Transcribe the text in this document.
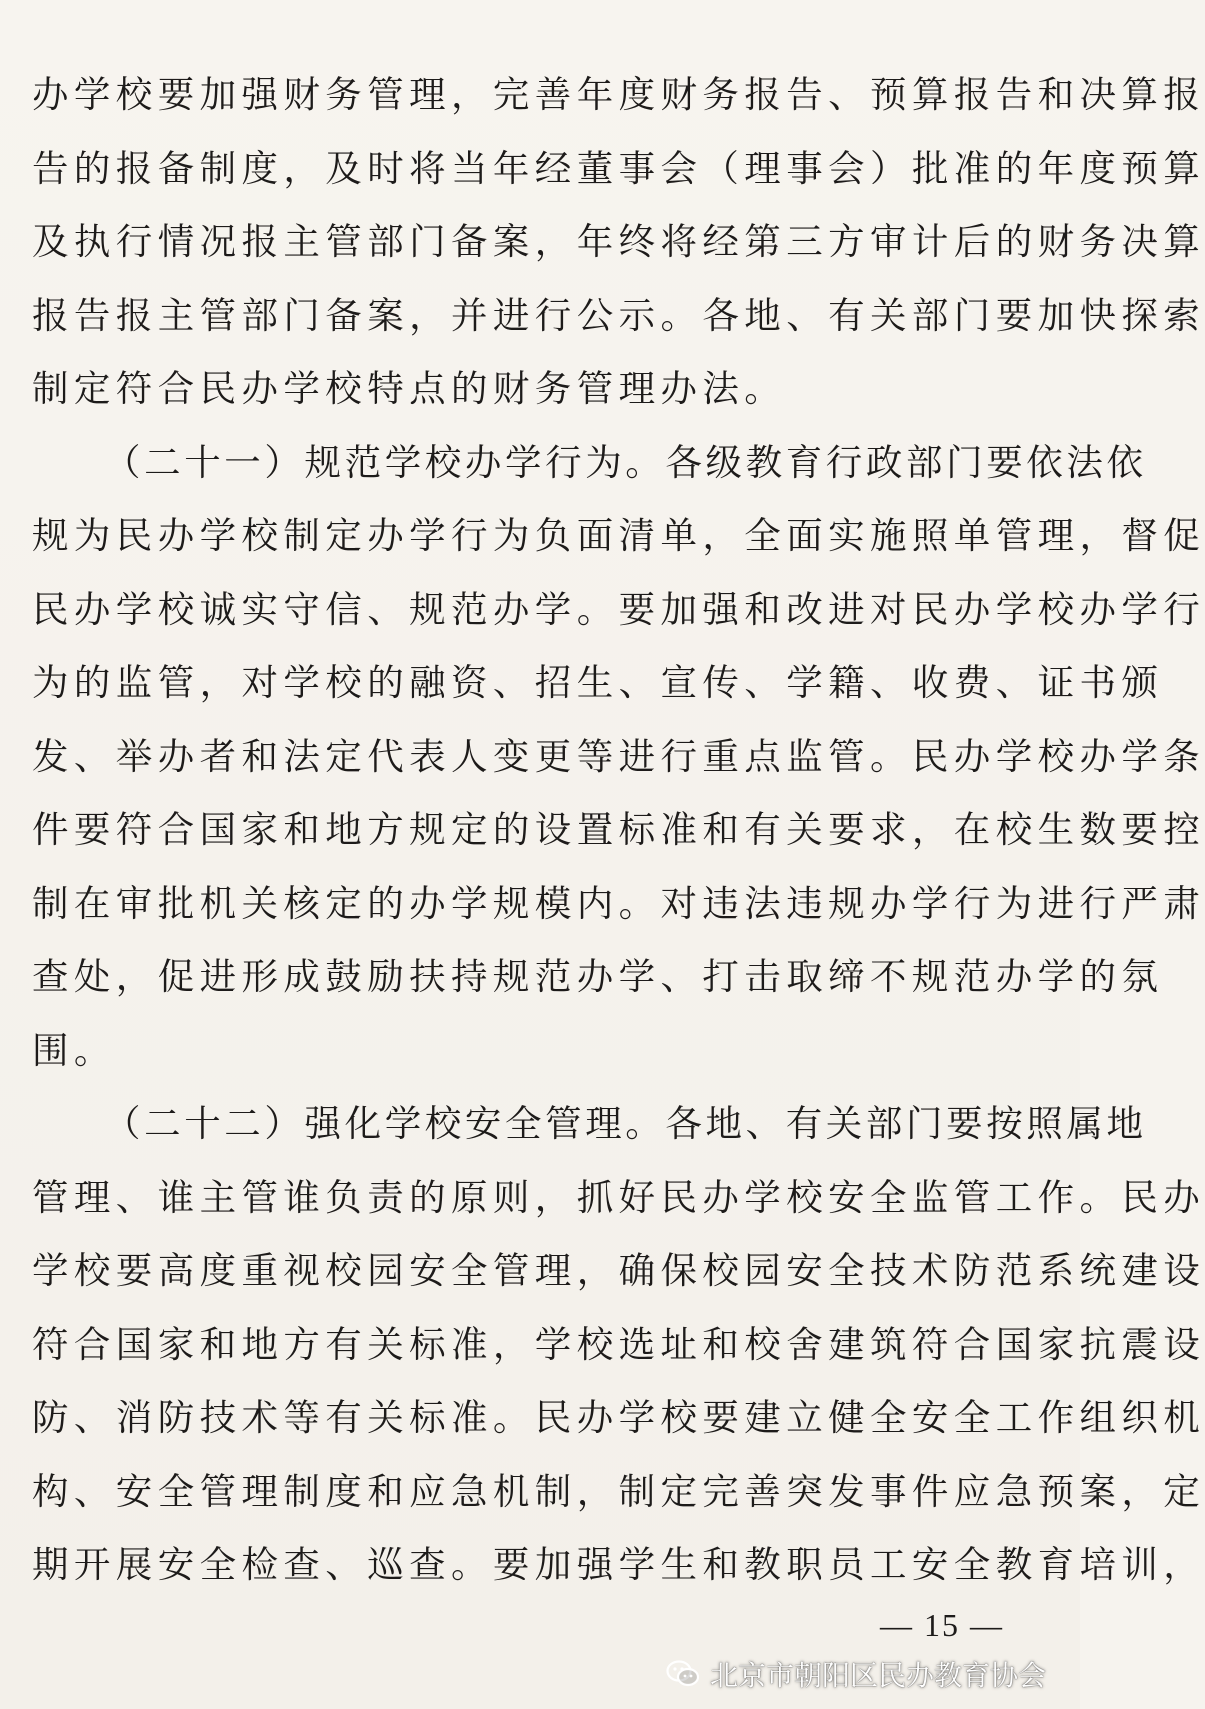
办学校要加强财务管理，完善年度财务报告、预算报告和决算报
告的报备制度，及时将当年经董事会（理事会）批准的年度预算
及执行情况报主管部门备案，年终将经第三方审计后的财务决算
报告报主管部门备案，并进行公示。各地、有关部门要加快探索
制定符合民办学校特点的财务管理办法。
（二十一）规范学校办学行为。各级教育行政部门要依法依
规为民办学校制定办学行为负面清单，全面实施照单管理，督促
民办学校诚实守信、规范办学。要加强和改进对民办学校办学行
为的监管，对学校的融资、招生、宣传、学籍、收费、证书颁
发、举办者和法定代表人变更等进行重点监管。民办学校办学条
件要符合国家和地方规定的设置标准和有关要求，在校生数要控
制在审批机关核定的办学规模内。对违法违规办学行为进行严肃
查处，促进形成鼓励扶持规范办学、打击取缔不规范办学的氛
围。
（二十二）强化学校安全管理。各地、有关部门要按照属地
管理、谁主管谁负责的原则，抓好民办学校安全监管工作。民办
学校要高度重视校园安全管理，确保校园安全技术防范系统建设
符合国家和地方有关标准，学校选址和校舍建筑符合国家抗震设
防、消防技术等有关标准。民办学校要建立健全安全工作组织机
构、安全管理制度和应急机制，制定完善突发事件应急预案，定
期开展安全检查、巡查。要加强学生和教职员工安全教育培训，
— 15 —
北京市朝阳区民办教育协会
